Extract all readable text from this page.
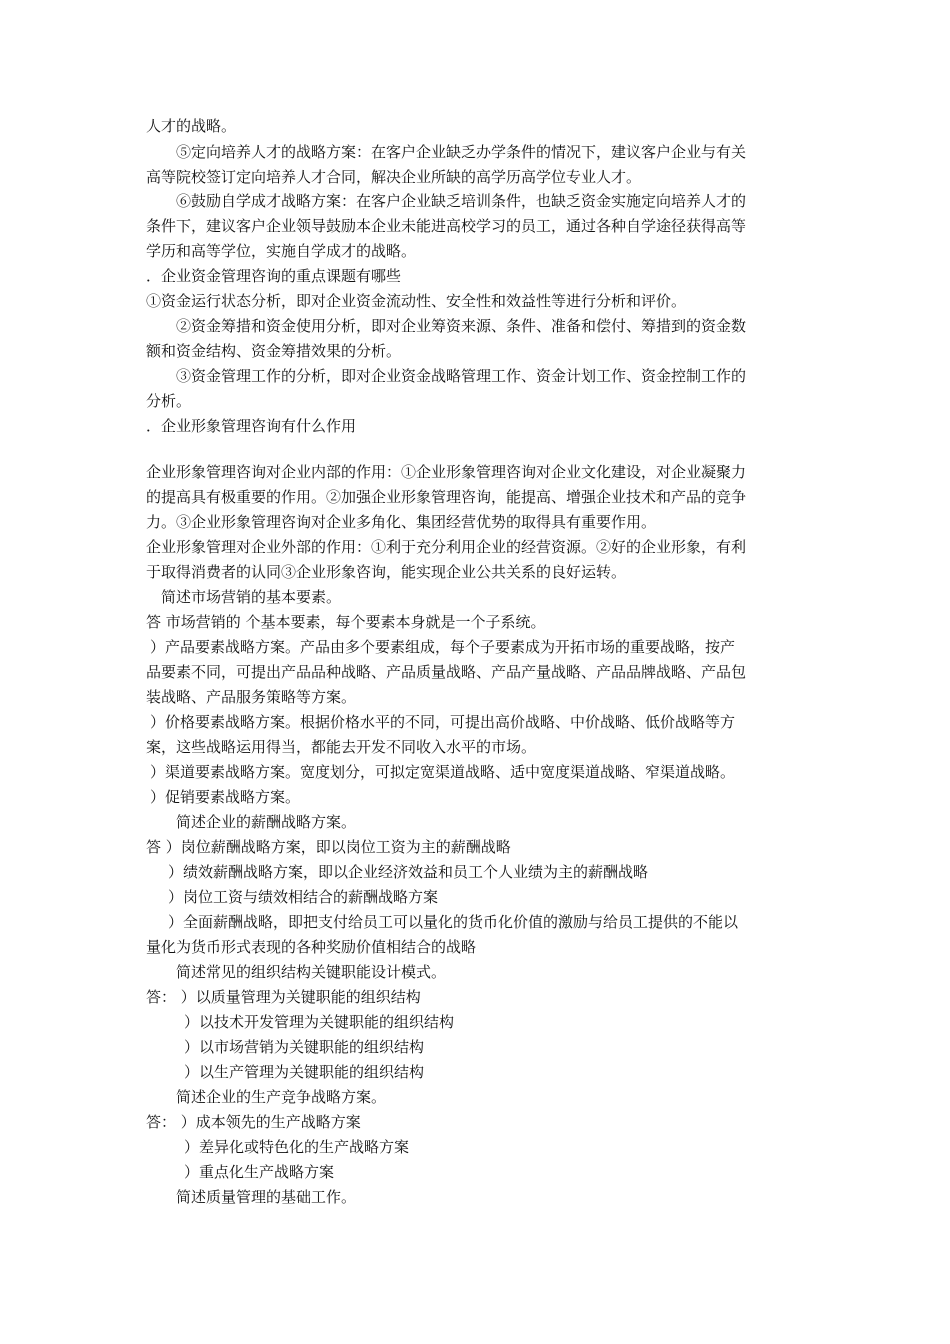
人才的战略。

⑤定向培养人才的战略方案：在客户企业缺乏办学条件的情况下，建议客户企业与有关

高等院校签订定向培养人才合同，解决企业所缺的高学历高学位专业人才。

⑥鼓励自学成才战略方案：在客户企业缺乏培训条件，也缺乏资金实施定向培养人才的

条件下，建议客户企业领导鼓励本企业未能进高校学习的员工，通过各种自学途径获得高等

学历和高等学位，实施自学成才的战略。

．企业资金管理咨询的重点课题有哪些

①资金运行状态分析，即对企业资金流动性、安全性和效益性等进行分析和评价。

②资金筹措和资金使用分析，即对企业筹资来源、条件、准备和偿付、筹措到的资金数

额和资金结构、资金筹措效果的分析。

③资金管理工作的分析，即对企业资金战略管理工作、资金计划工作、资金控制工作的

分析。

．企业形象管理咨询有什么作用

企业形象管理咨询对企业内部的作用：①企业形象管理咨询对企业文化建设，对企业凝聚力

的提高具有极重要的作用。②加强企业形象管理咨询，能提高、增强企业技术和产品的竞争

力。③企业形象管理咨询对企业多角化、集团经营优势的取得具有重要作用。

企业形象管理对企业外部的作用：①利于充分利用企业的经营资源。②好的企业形象，有利

于取得消费者的认同③企业形象咨询，能实现企业公共关系的良好运转。

简述市场营销的基本要素。

答 市场营销的 个基本要素，每个要素本身就是一个子系统。

）产品要素战略方案。产品由多个要素组成，每个子要素成为开拓市场的重要战略，按产

品要素不同，可提出产品品种战略、产品质量战略、产品产量战略、产品品牌战略、产品包

装战略、产品服务策略等方案。

）价格要素战略方案。根据价格水平的不同，可提出高价战略、中价战略、低价战略等方

案，这些战略运用得当，都能去开发不同收入水平的市场。

）渠道要素战略方案。宽度划分，可拟定宽渠道战略、适中宽度渠道战略、窄渠道战略。

）促销要素战略方案。

简述企业的薪酬战略方案。

答 ）岗位薪酬战略方案，即以岗位工资为主的薪酬战略

）绩效薪酬战略方案，即以企业经济效益和员工个人业绩为主的薪酬战略

）岗位工资与绩效相结合的薪酬战略方案

）全面薪酬战略，即把支付给员工可以量化的货币化价值的激励与给员工提供的不能以

量化为货币形式表现的各种奖励价值相结合的战略

简述常见的组织结构关键职能设计模式。

答： ）以质量管理为关键职能的组织结构

）以技术开发管理为关键职能的组织结构

）以市场营销为关键职能的组织结构

）以生产管理为关键职能的组织结构

简述企业的生产竞争战略方案。

答： ）成本领先的生产战略方案

）差异化或特色化的生产战略方案

）重点化生产战略方案

简述质量管理的基础工作。
